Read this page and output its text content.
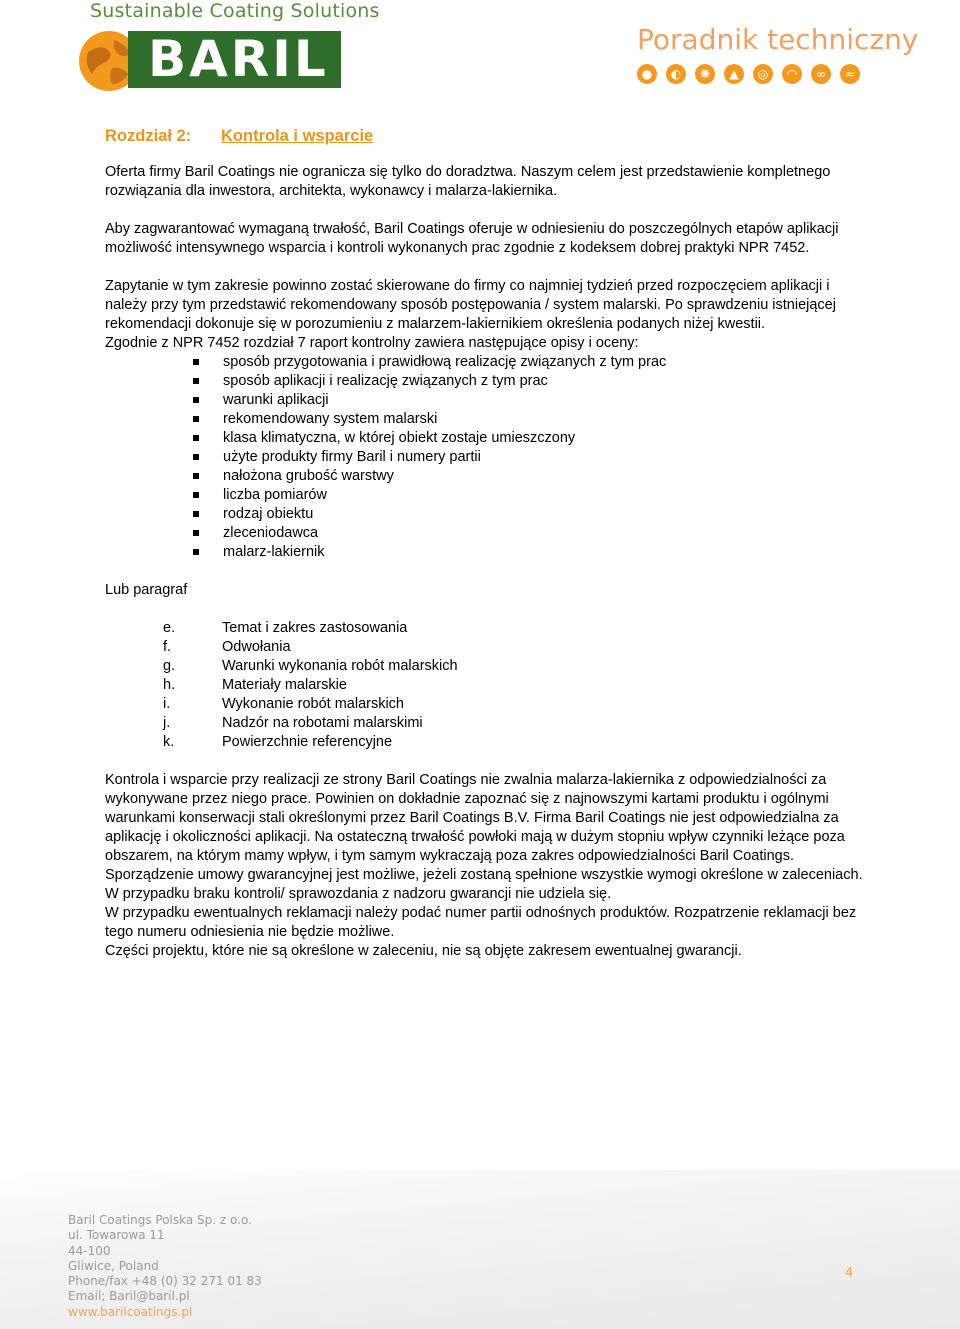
Sustainable Coating Solutions
BARIL
®
Poradnik techniczny
●	◐	✺	▲	◎	◠	∞	≈
Rozdział 2: Kontrola i wsparcie

Oferta firmy Baril Coatings nie ogranicza się tylko do doradztwa. Naszym celem jest przedstawienie kompletnego rozwiązania dla inwestora, architekta, wykonawcy i malarza-lakiernika.

Aby zagwarantować wymaganą trwałość, Baril Coatings oferuje w odniesieniu do poszczególnych etapów aplikacji możliwość intensywnego wsparcia i kontroli wykonanych prac zgodnie z kodeksem dobrej praktyki NPR 7452.

Zapytanie w tym zakresie powinno zostać skierowane do firmy co najmniej tydzień przed rozpoczęciem aplikacji i należy przy tym przedstawić rekomendowany sposób postępowania / system malarski. Po sprawdzeniu istniejącej rekomendacji dokonuje się w porozumieniu z malarzem-lakiernikiem określenia podanych niżej kwestii.

Zgodnie z NPR 7452 rozdział 7 raport kontrolny zawiera następujące opisy i oceny:

sposób przygotowania i prawidłową realizację związanych z tym prac
sposób aplikacji i realizację związanych z tym prac
warunki aplikacji
rekomendowany system malarski
klasa klimatyczna, w której obiekt zostaje umieszczony
użyte produkty firmy Baril i numery partii
nałożona grubość warstwy
liczba pomiarów
rodzaj obiektu
zleceniodawca
malarz-lakiernik

Lub paragraf

e.	Temat i zakres zastosowania
f.	Odwołania
g.	Warunki wykonania robót malarskich
h.	Materiały malarskie
i.	Wykonanie robót malarskich
j.	Nadzór na robotami malarskimi
k.	Powierzchnie referencyjne
Kontrola i wsparcie przy realizacji ze strony Baril Coatings nie zwalnia malarza-lakiernika z odpowiedzialności za wykonywane przez niego prace. Powinien on dokładnie zapoznać się z najnowszymi kartami produktu i ogólnymi warunkami konserwacji stali określonymi przez Baril Coatings B.V. Firma Baril Coatings nie jest odpowiedzialna za aplikację i okoliczności aplikacji. Na ostateczną trwałość powłoki mają w dużym stopniu wpływ czynniki leżące poza obszarem, na którym mamy wpływ, i tym samym wykraczają poza zakres odpowiedzialności Baril Coatings.
Sporządzenie umowy gwarancyjnej jest możliwe, jeżeli zostaną spełnione wszystkie wymogi określone w zaleceniach.
W przypadku braku kontroli/ sprawozdania z nadzoru gwarancji nie udziela się.
W przypadku ewentualnych reklamacji należy podać numer partii odnośnych produktów. Rozpatrzenie reklamacji bez tego numeru odniesienia nie będzie możliwe.
Części projektu, które nie są określone w zaleceniu, nie są objęte zakresem ewentualnej gwarancji.
Baril Coatings Polska Sp. z o.o.
ul. Towarowa 11
44-100
Gliwice, Poland
Phone/fax +48 (0) 32 271 01 83
Email; Baril@baril.pl
www.barilcoatings.pl
4
